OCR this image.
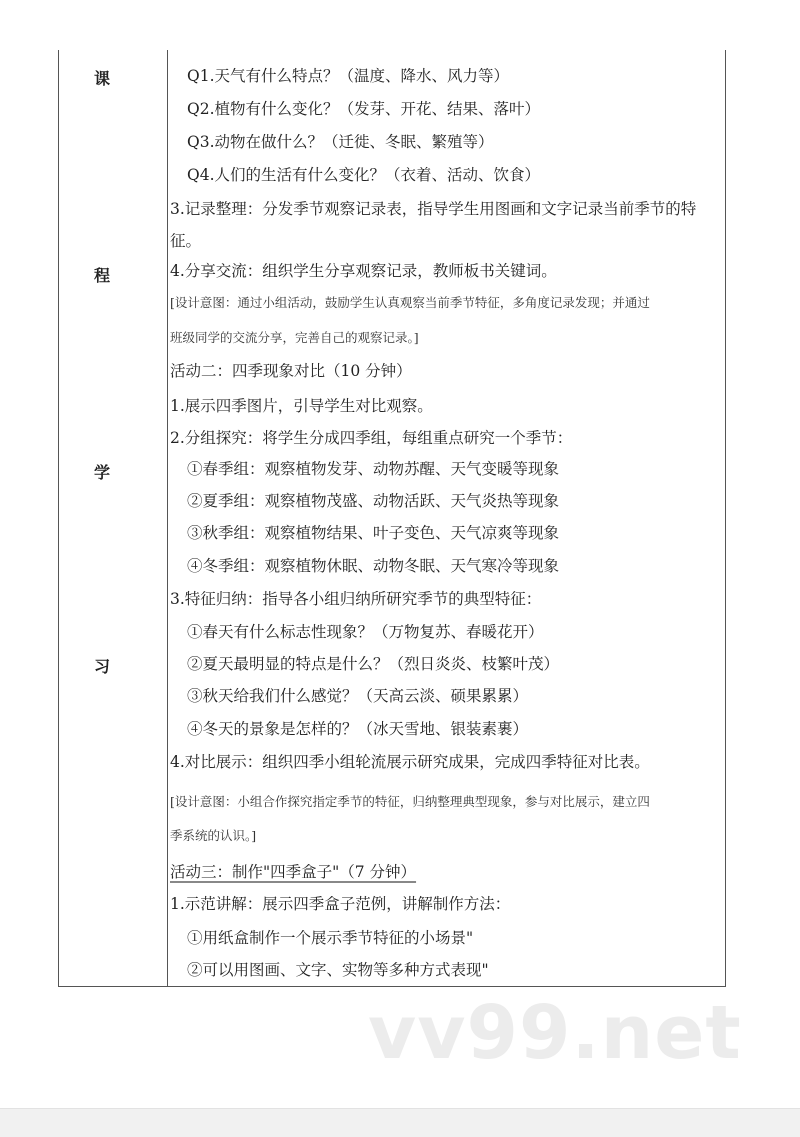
课
程
学
习
Q1.天气有什么特点？（温度、降水、风力等）
Q2.植物有什么变化？（发芽、开花、结果、落叶）
Q3.动物在做什么？（迁徙、冬眠、繁殖等）
Q4.人们的生活有什么变化？（衣着、活动、饮食）
3.记录整理：分发季节观察记录表，指导学生用图画和文字记录当前季节的特
征。
4.分享交流：组织学生分享观察记录，教师板书关键词。
[设计意图：通过小组活动，鼓励学生认真观察当前季节特征，多角度记录发现；并通过
班级同学的交流分享，完善自己的观察记录。]
活动二：四季现象对比（10 分钟）
1.展示四季图片，引导学生对比观察。
2.分组探究：将学生分成四季组，每组重点研究一个季节：
①春季组：观察植物发芽、动物苏醒、天气变暖等现象
②夏季组：观察植物茂盛、动物活跃、天气炎热等现象
③秋季组：观察植物结果、叶子变色、天气凉爽等现象
④冬季组：观察植物休眠、动物冬眠、天气寒冷等现象
3.特征归纳：指导各小组归纳所研究季节的典型特征：
①春天有什么标志性现象？（万物复苏、春暖花开）
②夏天最明显的特点是什么？（烈日炎炎、枝繁叶茂）
③秋天给我们什么感觉？（天高云淡、硕果累累）
④冬天的景象是怎样的？（冰天雪地、银装素裹）
4.对比展示：组织四季小组轮流展示研究成果，完成四季特征对比表。
[设计意图：小组合作探究指定季节的特征，归纳整理典型现象，参与对比展示，建立四
季系统的认识。]
活动三：制作"四季盒子"（7 分钟）
1.示范讲解：展示四季盒子范例，讲解制作方法：
①用纸盒制作一个展示季节特征的小场景"
②可以用图画、文字、实物等多种方式表现"
vv99.net
